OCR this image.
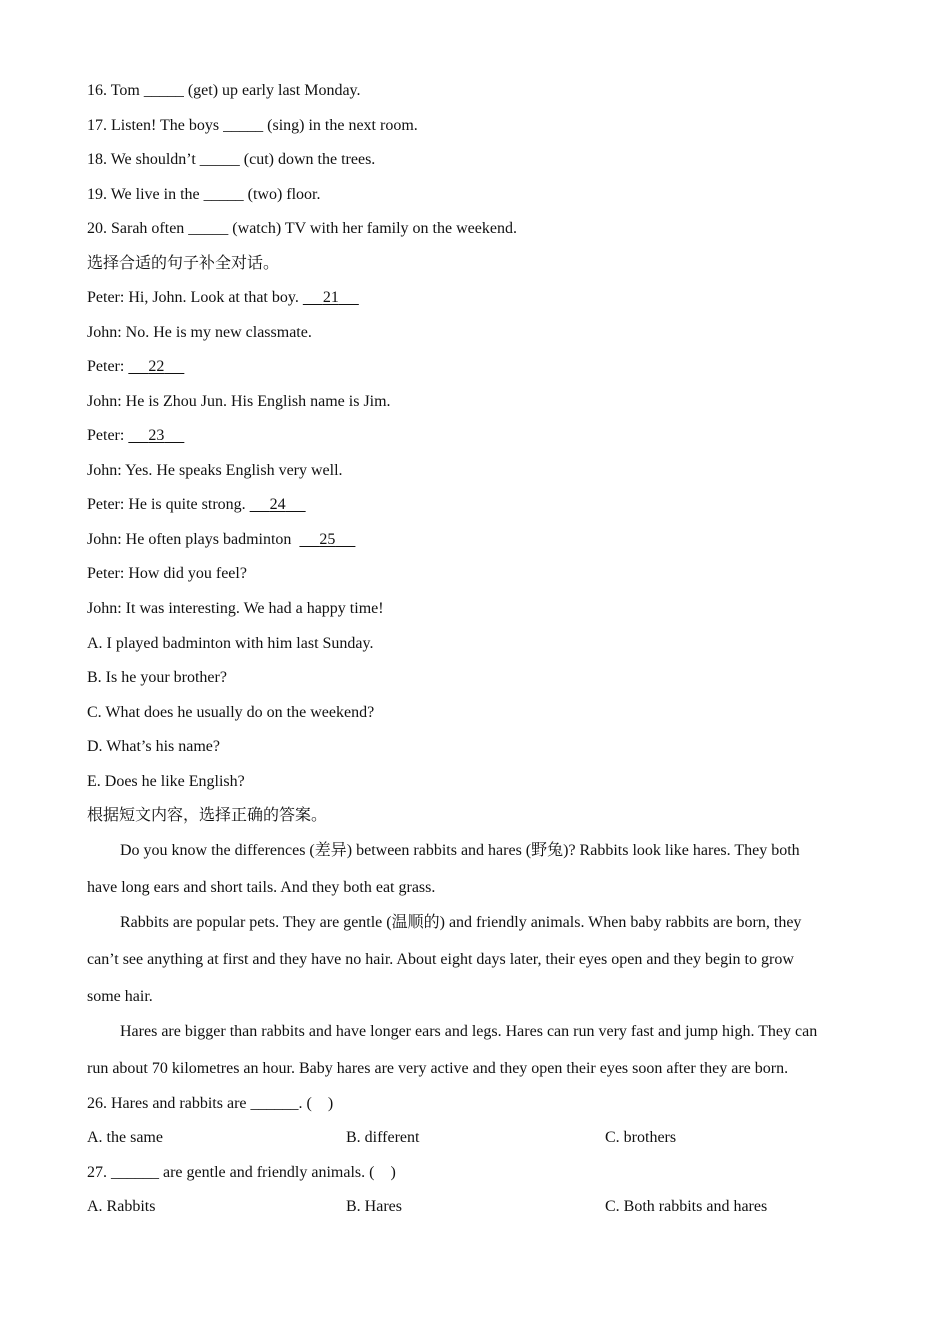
16. Tom _____ (get) up early last Monday.
17. Listen! The boys _____ (sing) in the next room.
18. We shouldn’t _____ (cut) down the trees.
19. We live in the _____ (two) floor.
20. Sarah often _____ (watch) TV with her family on the weekend.
选择合适的句子补全对话。
Peter: Hi, John. Look at that boy.      21
John: No. He is my new classmate.
Peter:      22
John: He is Zhou Jun. His English name is Jim.
Peter:      23
John: Yes. He speaks English very well.
Peter: He is quite strong.      24
John: He often plays badminton       25
Peter: How did you feel?
John: It was interesting. We had a happy time!
A. I played badminton with him last Sunday.
B. Is he your brother?
C. What does he usually do on the weekend?
D. What’s his name?
E. Does he like English?
根据短文内容，选择正确的答案。
Do you know the differences (差异) between rabbits and hares (野兔)? Rabbits look like hares. They both
have long ears and short tails. And they both eat grass.
Rabbits are popular pets. They are gentle (温顺的) and friendly animals. When baby rabbits are born, they
can’t see anything at first and they have no hair. About eight days later, their eyes open and they begin to grow
some hair.
Hares are bigger than rabbits and have longer ears and legs. Hares can run very fast and jump high. They can
run about 70 kilometres an hour. Baby hares are very active and they open their eyes soon after they are born.
26. Hares and rabbits are ______. (    )
A. the same	B. different	C. brothers
27. ______ are gentle and friendly animals. (    )
A. Rabbits	B. Hares	C. Both rabbits and hares
